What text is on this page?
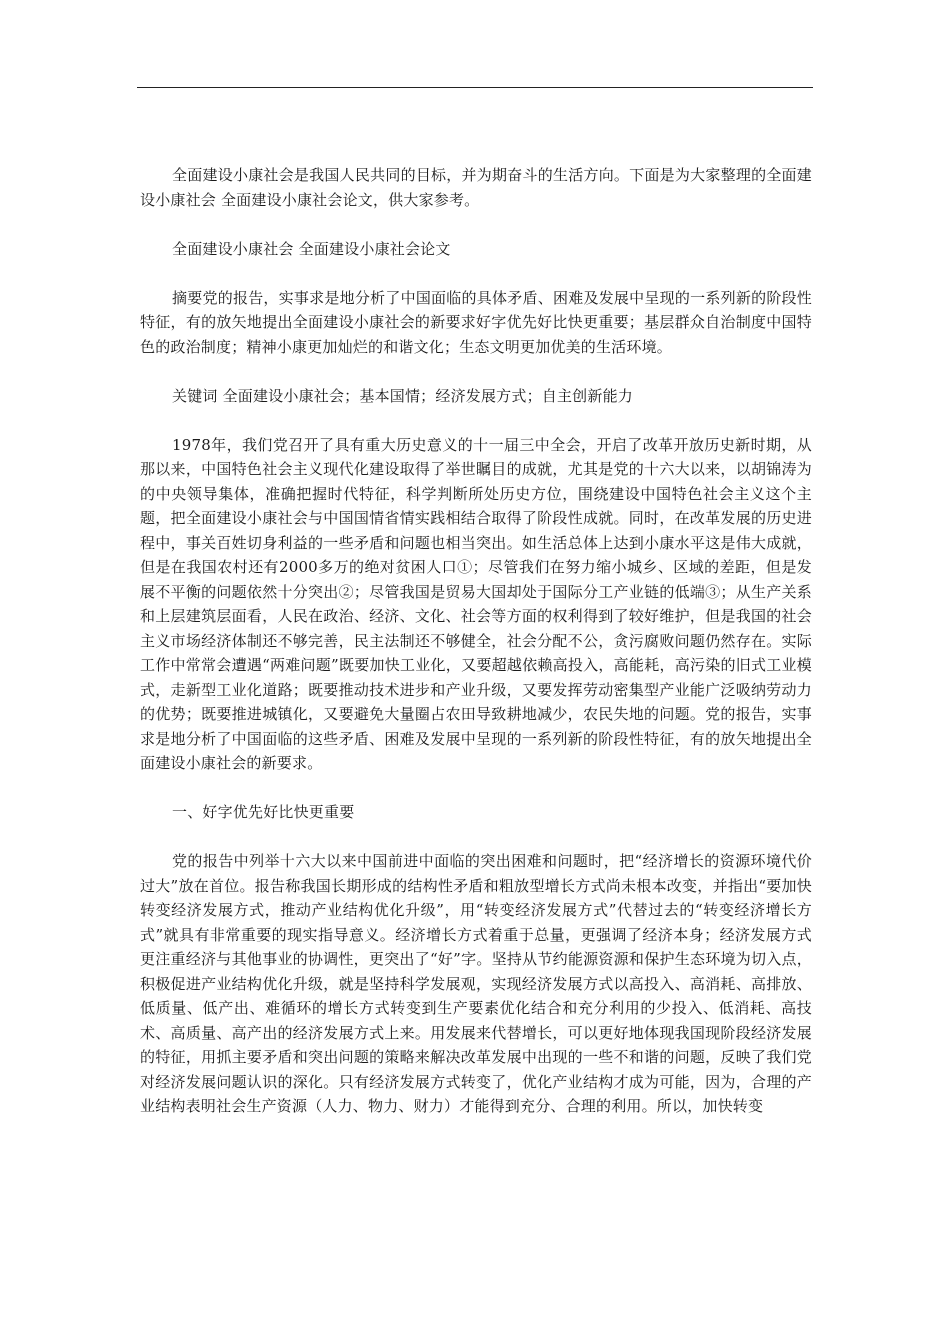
全面建设小康社会是我国人民共同的目标，并为期奋斗的生活方向。下面是为大家整理的全面建设小康社会 全面建设小康社会论文，供大家参考。

全面建设小康社会 全面建设小康社会论文

摘要党的报告，实事求是地分析了中国面临的具体矛盾、困难及发展中呈现的一系列新的阶段性特征，有的放矢地提出全面建设小康社会的新要求好字优先好比快更重要；基层群众自治制度中国特色的政治制度；精神小康更加灿烂的和谐文化；生态文明更加优美的生活环境。

关键词 全面建设小康社会；基本国情；经济发展方式；自主创新能力

1978年，我们党召开了具有重大历史意义的十一届三中全会，开启了改革开放历史新时期，从那以来，中国特色社会主义现代化建设取得了举世瞩目的成就，尤其是党的十六大以来，以胡锦涛为的中央领导集体，准确把握时代特征，科学判断所处历史方位，围绕建设中国特色社会主义这个主题，把全面建设小康社会与中国国情省情实践相结合取得了阶段性成就。同时，在改革发展的历史进程中，事关百姓切身利益的一些矛盾和问题也相当突出。如生活总体上达到小康水平这是伟大成就，但是在我国农村还有2000多万的绝对贫困人口①；尽管我们在努力缩小城乡、区域的差距，但是发展不平衡的问题依然十分突出②；尽管我国是贸易大国却处于国际分工产业链的低端③；从生产关系和上层建筑层面看，人民在政治、经济、文化、社会等方面的权利得到了较好维护，但是我国的社会主义市场经济体制还不够完善，民主法制还不够健全，社会分配不公，贪污腐败问题仍然存在。实际工作中常常会遭遇“两难问题”既要加快工业化，又要超越依赖高投入，高能耗，高污染的旧式工业模式，走新型工业化道路；既要推动技术进步和产业升级，又要发挥劳动密集型产业能广泛吸纳劳动力的优势；既要推进城镇化，又要避免大量圈占农田导致耕地减少，农民失地的问题。党的报告，实事求是地分析了中国面临的这些矛盾、困难及发展中呈现的一系列新的阶段性特征，有的放矢地提出全面建设小康社会的新要求。

一、好字优先好比快更重要

党的报告中列举十六大以来中国前进中面临的突出困难和问题时，把“经济增长的资源环境代价过大”放在首位。报告称我国长期形成的结构性矛盾和粗放型增长方式尚未根本改变，并指出“要加快转变经济发展方式，推动产业结构优化升级”，用“转变经济发展方式”代替过去的“转变经济增长方式”就具有非常重要的现实指导意义。经济增长方式着重于总量，更强调了经济本身；经济发展方式更注重经济与其他事业的协调性，更突出了“好”字。坚持从节约能源资源和保护生态环境为切入点，积极促进产业结构优化升级，就是坚持科学发展观，实现经济发展方式以高投入、高消耗、高排放、低质量、低产出、难循环的增长方式转变到生产要素优化结合和充分利用的少投入、低消耗、高技术、高质量、高产出的经济发展方式上来。用发展来代替增长，可以更好地体现我国现阶段经济发展的特征，用抓主要矛盾和突出问题的策略来解决改革发展中出现的一些不和谐的问题，反映了我们党对经济发展问题认识的深化。只有经济发展方式转变了，优化产业结构才成为可能，因为，合理的产业结构表明社会生产资源（人力、物力、财力）才能得到充分、合理的利用。所以，加快转变
